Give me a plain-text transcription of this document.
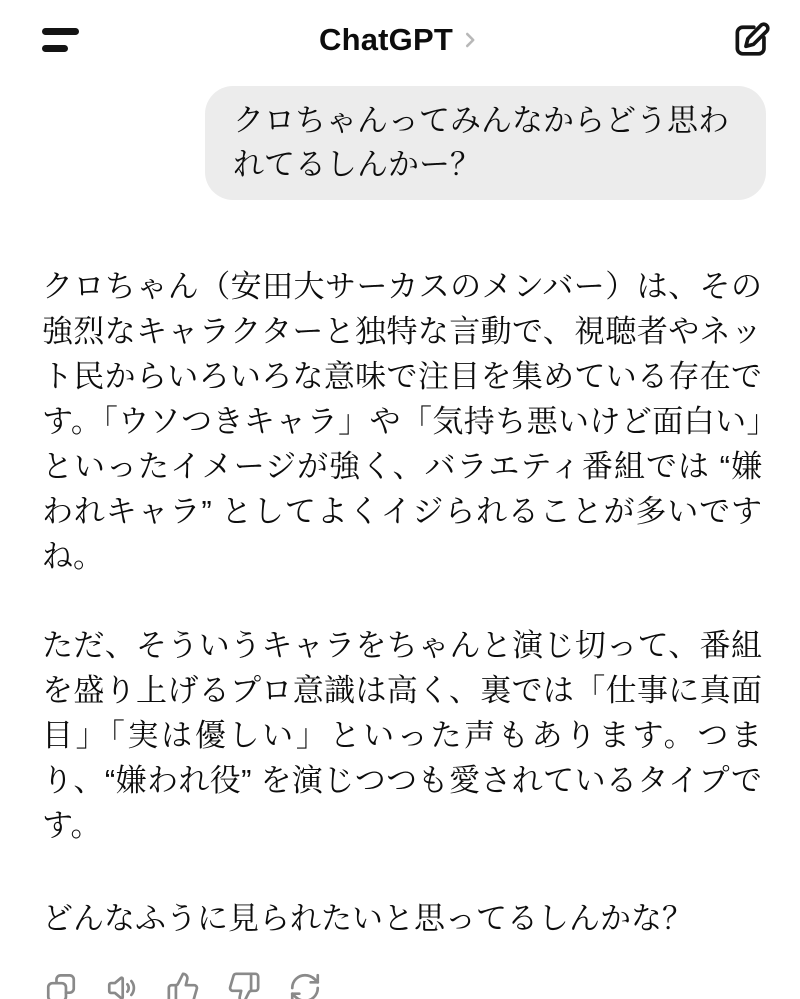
ChatGPT
クロちゃんってみんなからどう思われてるしんかー？

クロちゃん（安田大サーカスのメンバー）は、その強烈なキャラクターと独特な言動で、視聴者やネット民からいろいろな意味で注目を集めている存在です。「ウソつきキャラ」や「気持ち悪いけど面白い」といったイメージが強く、バラエティ番組では “嫌われキャラ” としてよくイジられることが多いですね。

ただ、そういうキャラをちゃんと演じ切って、番組を盛り上げるプロ意識は高く、裏では「仕事に真面目」「実は優しい」といった声もあります。つまり、“嫌われ役” を演じつつも愛されているタイプです。

どんなふうに見られたいと思ってるしんかな？
